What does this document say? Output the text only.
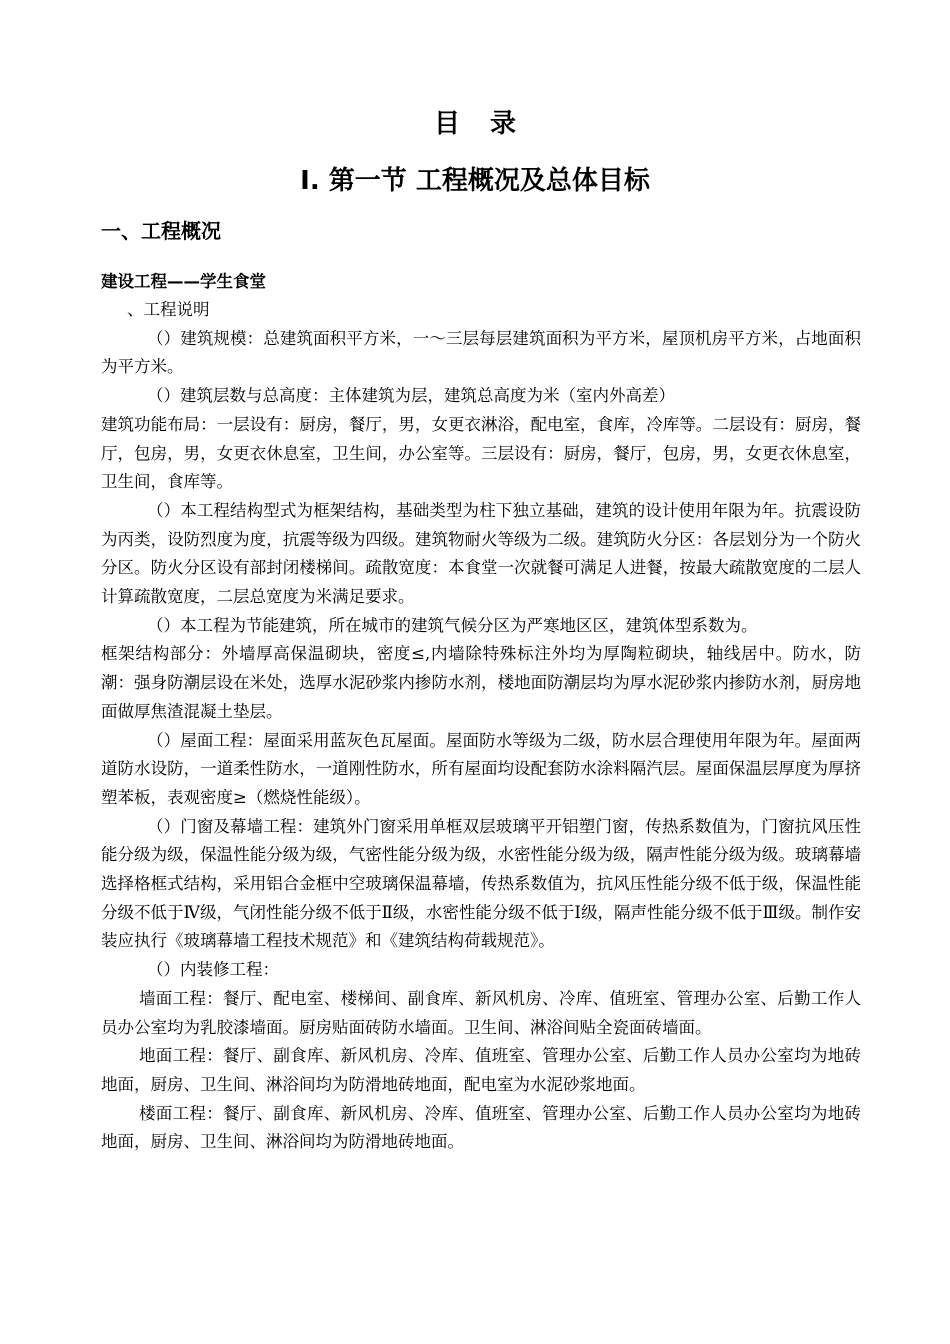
目录
I. 第一节 工程概况及总体目标
一、工程概况
建设工程——学生食堂

、工程说明

（）建筑规模：总建筑面积平方米，一～三层每层建筑面积为平方米，屋顶机房平方米，占地面积为平方米。

（）建筑层数与总高度：主体建筑为层，建筑总高度为米（室内外高差）

建筑功能布局：一层设有：厨房，餐厅，男，女更衣淋浴，配电室，食库，冷库等。二层设有：厨房，餐厅，包房，男，女更衣休息室，卫生间，办公室等。三层设有：厨房，餐厅，包房，男，女更衣休息室，卫生间，食库等。

（）本工程结构型式为框架结构，基础类型为柱下独立基础，建筑的设计使用年限为年。抗震设防为丙类，设防烈度为度，抗震等级为四级。建筑物耐火等级为二级。建筑防火分区：各层划分为一个防火分区。防火分区设有部封闭楼梯间。疏散宽度：本食堂一次就餐可满足人进餐，按最大疏散宽度的二层人计算疏散宽度，二层总宽度为米满足要求。

（）本工程为节能建筑，所在城市的建筑气候分区为严寒地区区，建筑体型系数为。

框架结构部分：外墙厚高保温砌块，密度≤,内墙除特殊标注外均为厚陶粒砌块，轴线居中。防水，防潮：强身防潮层设在米处，选厚水泥砂浆内掺防水剂，楼地面防潮层均为厚水泥砂浆内掺防水剂，厨房地面做厚焦渣混凝土垫层。

（）屋面工程：屋面采用蓝灰色瓦屋面。屋面防水等级为二级，防水层合理使用年限为年。屋面两道防水设防，一道柔性防水，一道刚性防水，所有屋面均设配套防水涂料隔汽层。屋面保温层厚度为厚挤塑苯板，表观密度≥（燃烧性能级）。

（）门窗及幕墙工程：建筑外门窗采用单框双层玻璃平开铝塑门窗，传热系数值为，门窗抗风压性能分级为级，保温性能分级为级，气密性能分级为级，水密性能分级为级，隔声性能分级为级。玻璃幕墙选择格框式结构，采用铝合金框中空玻璃保温幕墙，传热系数值为，抗风压性能分级不低于级，保温性能分级不低于Ⅳ级，气闭性能分级不低于Ⅱ级，水密性能分级不低于Ⅰ级，隔声性能分级不低于Ⅲ级。制作安装应执行《玻璃幕墙工程技术规范》和《建筑结构荷载规范》。

（）内装修工程：

墙面工程：餐厅、配电室、楼梯间、副食库、新风机房、冷库、值班室、管理办公室、后勤工作人员办公室均为乳胶漆墙面。厨房贴面砖防水墙面。卫生间、淋浴间贴全瓷面砖墙面。

地面工程：餐厅、副食库、新风机房、冷库、值班室、管理办公室、后勤工作人员办公室均为地砖地面，厨房、卫生间、淋浴间均为防滑地砖地面，配电室为水泥砂浆地面。

楼面工程：餐厅、副食库、新风机房、冷库、值班室、管理办公室、后勤工作人员办公室均为地砖地面，厨房、卫生间、淋浴间均为防滑地砖地面。
